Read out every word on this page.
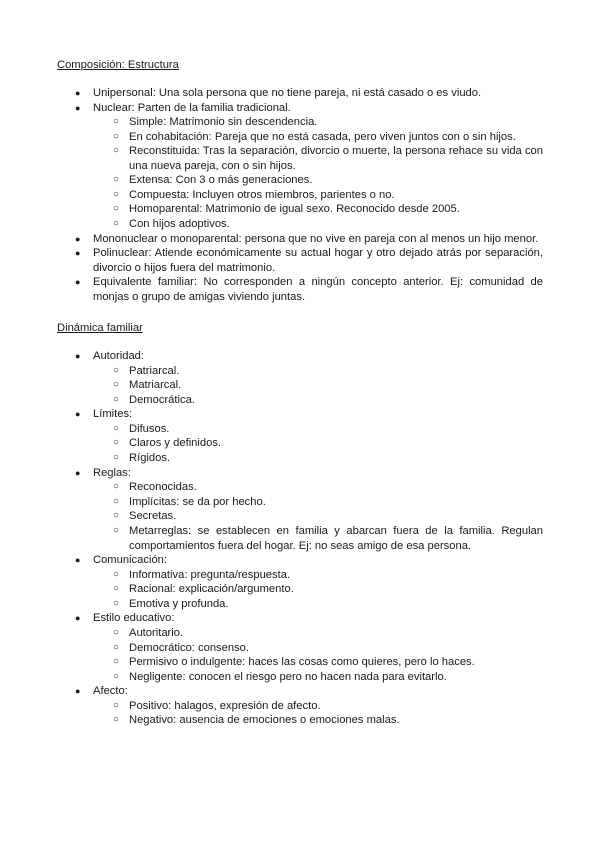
Composición: Estructura
● Unipersonal: Una sola persona que no tiene pareja, ni está casado o es viudo.
● Nuclear: Parten de la familia tradicional.
○ Simple: Matrimonio sin descendencia.
○ En cohabitación: Pareja que no está casada, pero viven juntos con o sin hijos.
○ Reconstituida: Tras la separación, divorcio o muerte, la persona rehace su vida con una nueva pareja, con o sin hijos.
○ Extensa: Con 3 o más generaciones.
○ Compuesta: Incluyen otros miembros, parientes o no.
○ Homoparental: Matrimonio de igual sexo. Reconocido desde 2005.
○ Con hijos adoptivos.
● Mononuclear o monoparental: persona que no vive en pareja con al menos un hijo menor.
● Polinuclear: Atiende económicamente su actual hogar y otro dejado atrás por separación, divorcio o hijos fuera del matrimonio.
● Equivalente familiar: No corresponden a ningún concepto anterior. Ej: comunidad de monjas o grupo de amigas viviendo juntas.
Dinámica familiar
● Autoridad:
○ Patriarcal.
○ Matriarcal.
○ Democrática.
● Límites:
○ Difusos.
○ Claros y definidos.
○ Rígidos.
● Reglas:
○ Reconocidas.
○ Implícitas: se da por hecho.
○ Secretas.
○ Metarreglas: se establecen en familia y abarcan fuera de la familia. Regulan comportamientos fuera del hogar. Ej: no seas amigo de esa persona.
● Comunicación:
○ Informativa: pregunta/respuesta.
○ Racional: explicación/argumento.
○ Emotiva y profunda.
● Estilo educativo:
○ Autoritario.
○ Democrático: consenso.
○ Permisivo o indulgente: haces las cosas como quieres, pero lo haces.
○ Negligente: conocen el riesgo pero no hacen nada para evitarlo.
● Afecto:
○ Positivo: halagos, expresión de afecto.
○ Negativo: ausencia de emociones o emociones malas.
